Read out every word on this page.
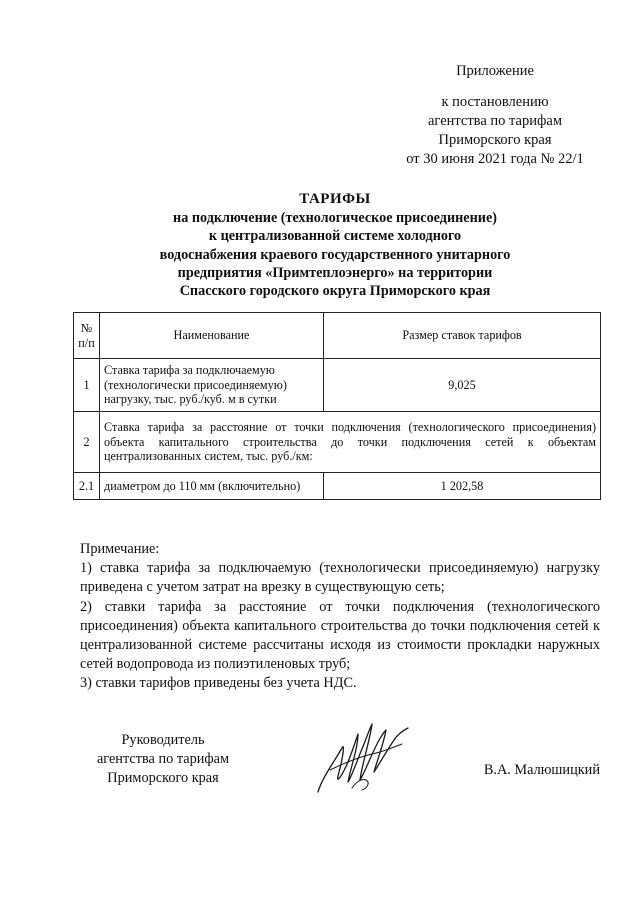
Приложение
к постановлению
агентства по тарифам
Приморского края
от 30 июня 2021 года № 22/1
ТАРИФЫ
на подключение (технологическое присоединение)
к централизованной системе холодного
водоснабжения краевого государственного унитарного
предприятия «Примтеплоэнерго» на территории
Спасского городского округа Приморского края
№
п/п	Наименование	Размер ставок тарифов
1	Ставка тарифа за подключаемую (технологически присоединяемую) нагрузку, тыс. руб./куб. м в сутки	9,025
2	Ставка тарифа за расстояние от точки подключения (технологического присоединения) объекта капитального строительства до точки подключения сетей к объектам централизованных систем, тыс. руб./км:	
2.1	диаметром до 110 мм (включительно)	1 202,58

Примечание:

1) ставка тарифа за подключаемую (технологически присоединяемую) нагрузку приведена с учетом затрат на врезку в существующую сеть;

2) ставки тарифа за расстояние от точки подключения (технологического присоединения) объекта капитального строительства до точки подключения сетей к централизованной системе рассчитаны исходя из стоимости прокладки наружных сетей водопровода из полиэтиленовых труб;

3) ставки тарифов приведены без учета НДС.

Руководитель
агентства по тарифам
Приморского края	В.А. Малюшицкий
